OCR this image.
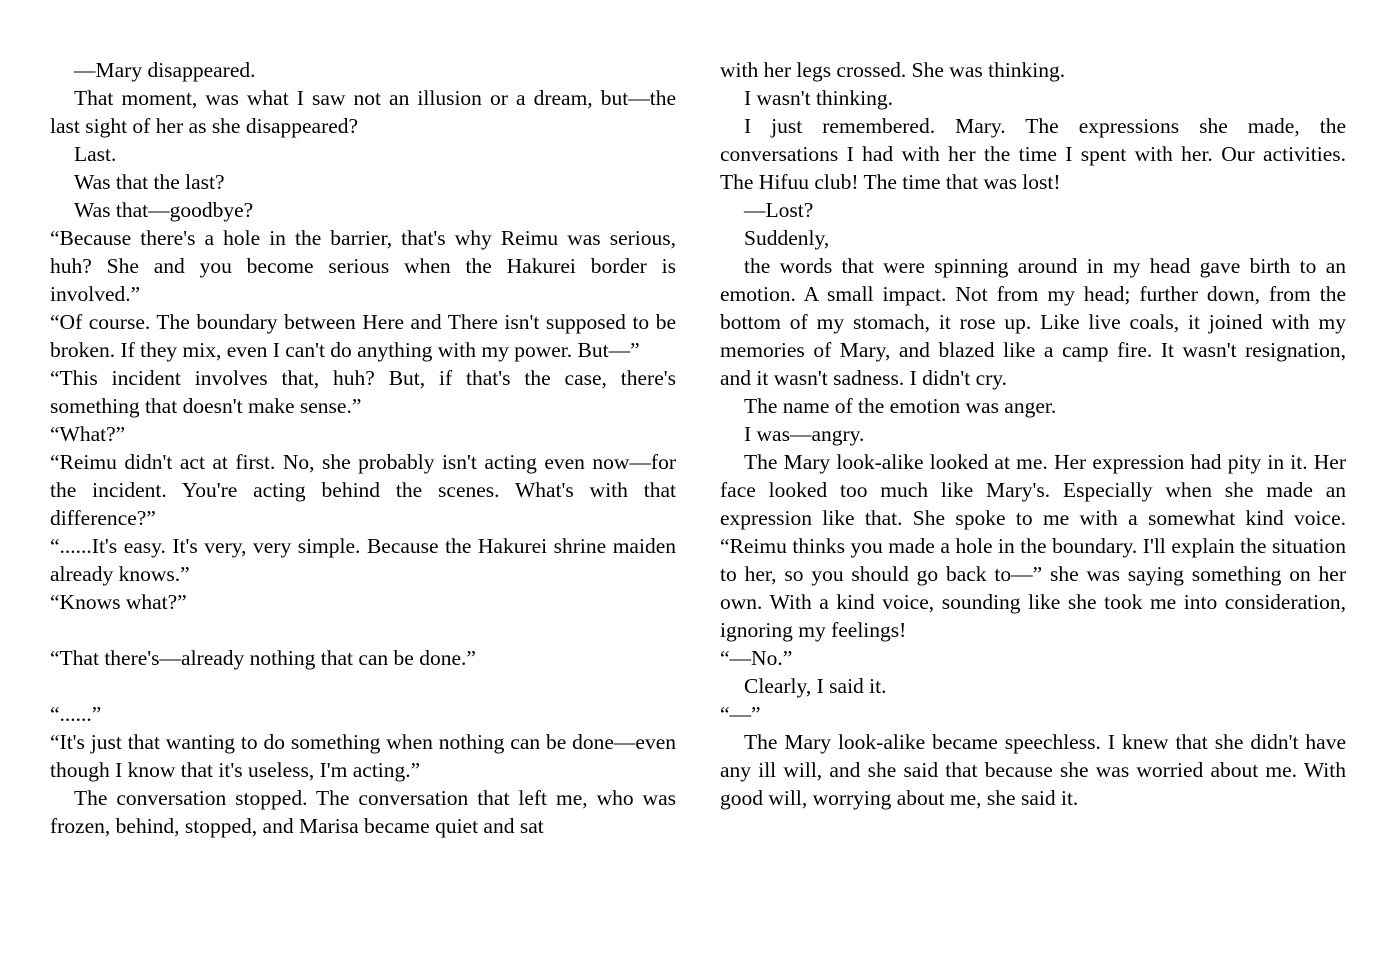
—Mary disappeared.

That moment, was what I saw not an illusion or a dream, but—the last sight of her as she disappeared?

Last.

Was that the last?

Was that—goodbye?

“Because there's a hole in the barrier, that's why Reimu was serious, huh? She and you become serious when the Hakurei border is involved.”

“Of course. The boundary between Here and There isn't supposed to be broken. If they mix, even I can't do anything with my power. But—”

“This incident involves that, huh? But, if that's the case, there's something that doesn't make sense.”

“What?”

“Reimu didn't act at first. No, she probably isn't acting even now—for the incident. You're acting behind the scenes. What's with that difference?”

“......It's easy. It's very, very simple. Because the Hakurei shrine maiden already knows.”

“Knows what?”

“That there's—already nothing that can be done.”

“......”

“It's just that wanting to do something when nothing can be done—even though I know that it's useless, I'm acting.”

The conversation stopped. The conversation that left me, who was frozen, behind, stopped, and Marisa became quiet and sat

with her legs crossed. She was thinking.

I wasn't thinking.

I just remembered. Mary. The expressions she made, the conversations I had with her the time I spent with her. Our activities. The Hifuu club! The time that was lost!

—Lost?

Suddenly,

the words that were spinning around in my head gave birth to an emotion. A small impact. Not from my head; further down, from the bottom of my stomach, it rose up. Like live coals, it joined with my memories of Mary, and blazed like a camp fire. It wasn't resignation, and it wasn't sadness. I didn't cry.

The name of the emotion was anger.

I was—angry.

The Mary look-alike looked at me. Her expression had pity in it. Her face looked too much like Mary's. Especially when she made an expression like that. She spoke to me with a somewhat kind voice. “Reimu thinks you made a hole in the boundary. I'll explain the situation to her, so you should go back to—” she was saying something on her own. With a kind voice, sounding like she took me into consideration, ignoring my feelings!

“—No.”

Clearly, I said it.

“—”

The Mary look-alike became speechless. I knew that she didn't have any ill will, and she said that because she was worried about me. With good will, worrying about me, she said it.
